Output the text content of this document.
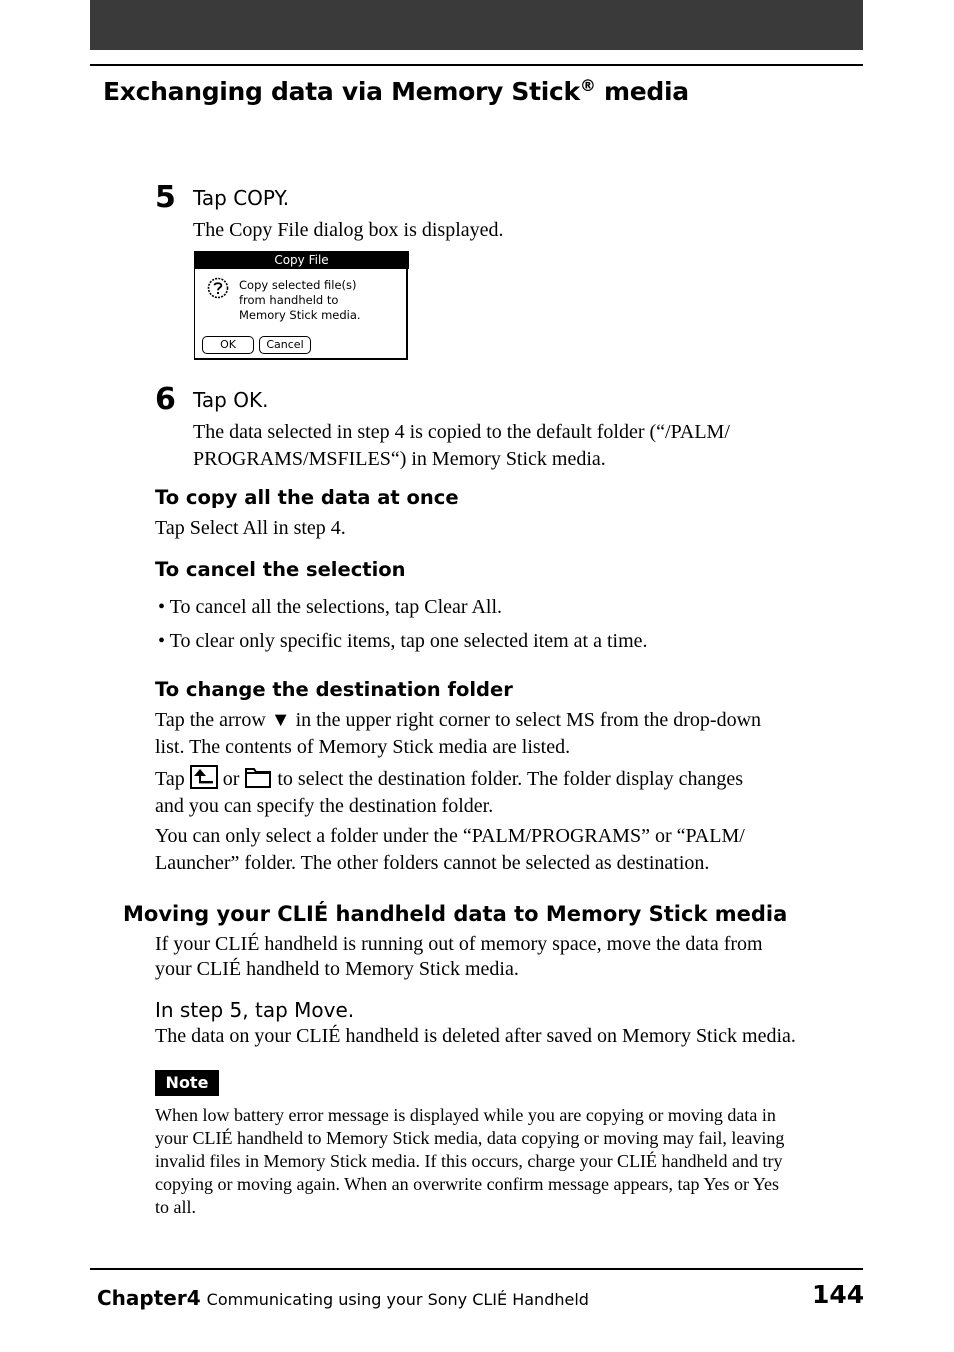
Exchanging data via Memory Stick® media
5 Tap COPY.
The Copy File dialog box is displayed.
Copy File
Copy selected file(s)
from handheld to
Memory Stick media.
OK	Cancel
6 Tap OK.
The data selected in step 4 is copied to the default folder (“/PALM/
PROGRAMS/MSFILES“) in Memory Stick media.
To copy all the data at once
Tap Select All in step 4.
To cancel the selection
• To cancel all the selections, tap Clear All.
• To clear only specific items, tap one selected item at a time.
To change the destination folder
Tap the arrow ▼ in the upper right corner to select MS from the drop-down
list. The contents of Memory Stick media are listed.
Tap or to select the destination folder. The folder display changes
and you can specify the destination folder.
You can only select a folder under the “PALM/PROGRAMS” or “PALM/
Launcher” folder. The other folders cannot be selected as destination.
Moving your CLIÉ handheld data to Memory Stick media
If your CLIÉ handheld is running out of memory space, move the data from
your CLIÉ handheld to Memory Stick media.
In step 5, tap Move.
The data on your CLIÉ handheld is deleted after saved on Memory Stick media.
Note
When low battery error message is displayed while you are copying or moving data in
your CLIÉ handheld to Memory Stick media, data copying or moving may fail, leaving
invalid files in Memory Stick media. If this occurs, charge your CLIÉ handheld and try
copying or moving again. When an overwrite confirm message appears, tap Yes or Yes
to all.
Chapter4 Communicating using your Sony CLIÉ Handheld	144
